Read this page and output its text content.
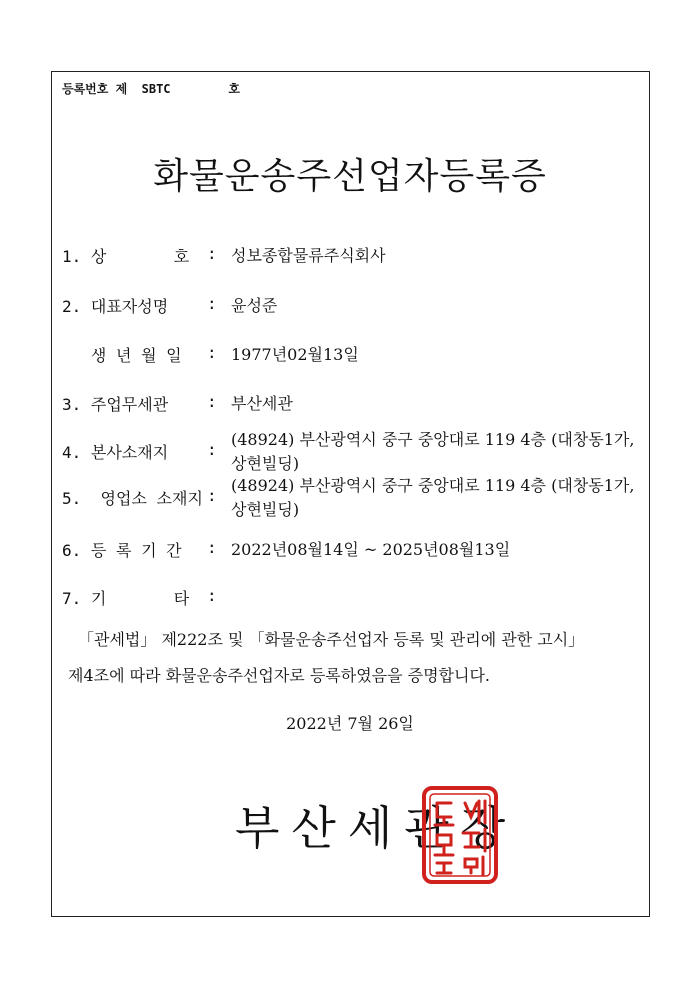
등록번호 제  SBTC        호
화물운송주선업자등록증
1. 상       호	: 성보종합물류주식회사
2. 대표자성명	: 윤성준
생 년 월 일	: 1977년02월13일
3. 주업무세관	: 부산세관
4. 본사소재지	:
(48924) 부산광역시 중구 중앙대로 119 4층 (대창동1가, 상현빌딩)
5.  영업소 소재지 :
(48924) 부산광역시 중구 중앙대로 119 4층 (대창동1가, 상현빌딩)
6. 등 록 기 간	: 2022년08월14일 ~ 2025년08월13일
7. 기       타	:
「관세법」 제222조 및 「화물운송주선업자 등록 및 관리에 관한 고시」
제4조에 따라 화물운송주선업자로 등록하였음을 증명합니다.
2022년 7월 26일
부산세관장
